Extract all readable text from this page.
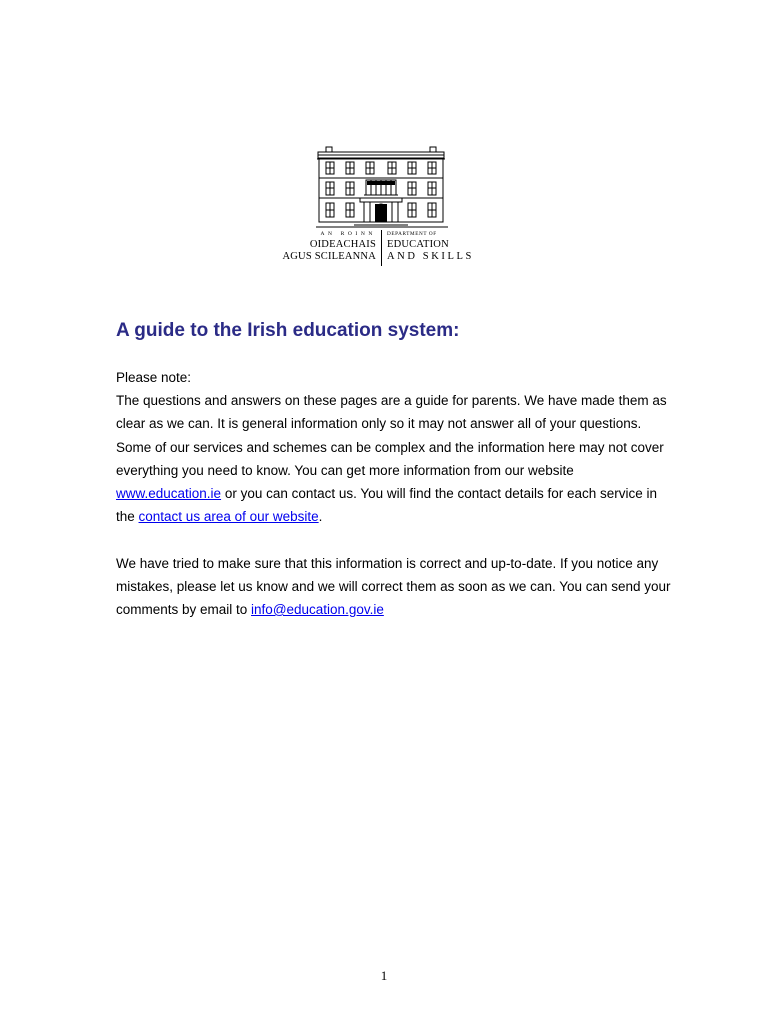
AN ROINN
OIDEACHAIS
AGUS SCILEANNA
DEPARTMENT OF
EDUCATION
AND SKILLS
A guide to the Irish education system:

Please note:

The questions and answers on these pages are a guide for parents. We have made them as clear as we can. It is general information only so it may not answer all of your questions. Some of our services and schemes can be complex and the information here may not cover everything you need to know. You can get more information from our website www.education.ie or you can contact us. You will find the contact details for each service in the contact us area of our website.

We have tried to make sure that this information is correct and up-to-date. If you notice any mistakes, please let us know and we will correct them as soon as we can. You can send your comments by email to info@education.gov.ie

1
